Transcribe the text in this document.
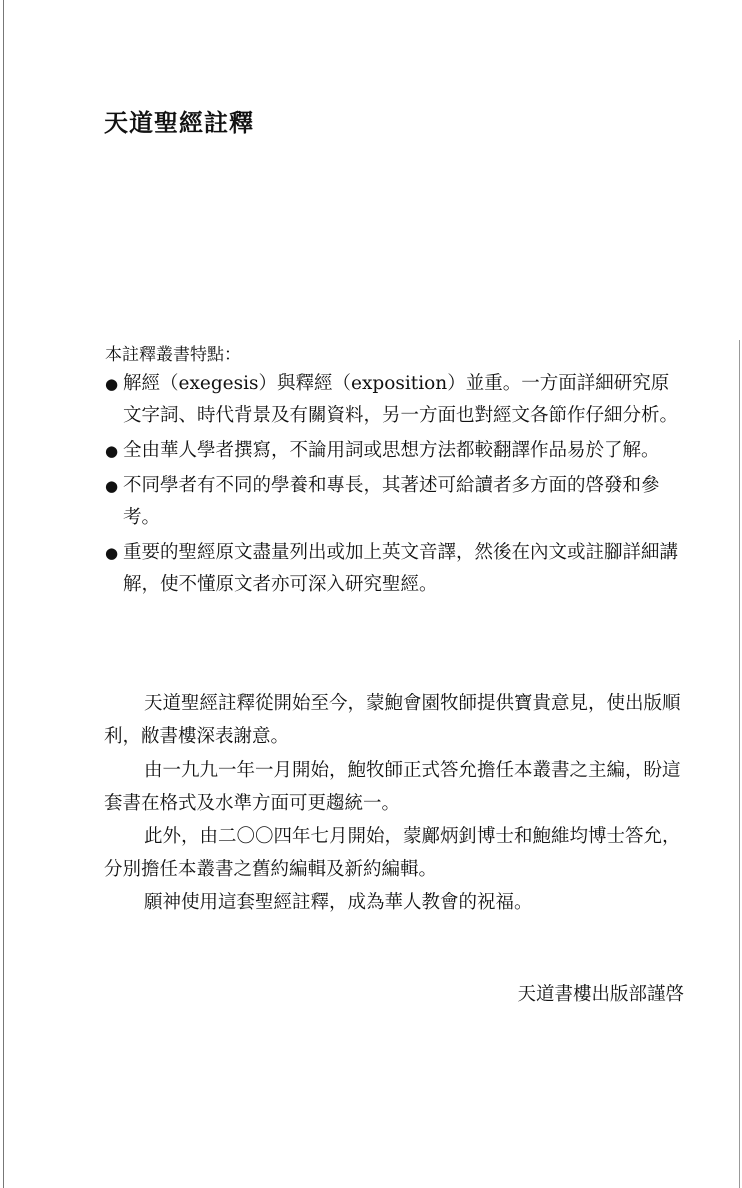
天道聖經註釋
本註釋叢書特點：
● 解經（exegesis）與釋經（exposition）並重。一方面詳細研究原文字詞、時代背景及有關資料，另一方面也對經文各節作仔細分析。
● 全由華人學者撰寫，不論用詞或思想方法都較翻譯作品易於了解。
● 不同學者有不同的學養和專長，其著述可給讀者多方面的啓發和參考。
● 重要的聖經原文盡量列出或加上英文音譯，然後在內文或註腳詳細講解，使不懂原文者亦可深入研究聖經。

天道聖經註釋從開始至今，蒙鮑會園牧師提供寶貴意見，使出版順利，敝書樓深表謝意。

由一九九一年一月開始，鮑牧師正式答允擔任本叢書之主編，盼這套書在格式及水準方面可更趨統一。

此外，由二〇〇四年七月開始，蒙鄺炳釗博士和鮑維均博士答允，分別擔任本叢書之舊約編輯及新約編輯。

願神使用這套聖經註釋，成為華人教會的祝福。

天道書樓出版部謹啓
